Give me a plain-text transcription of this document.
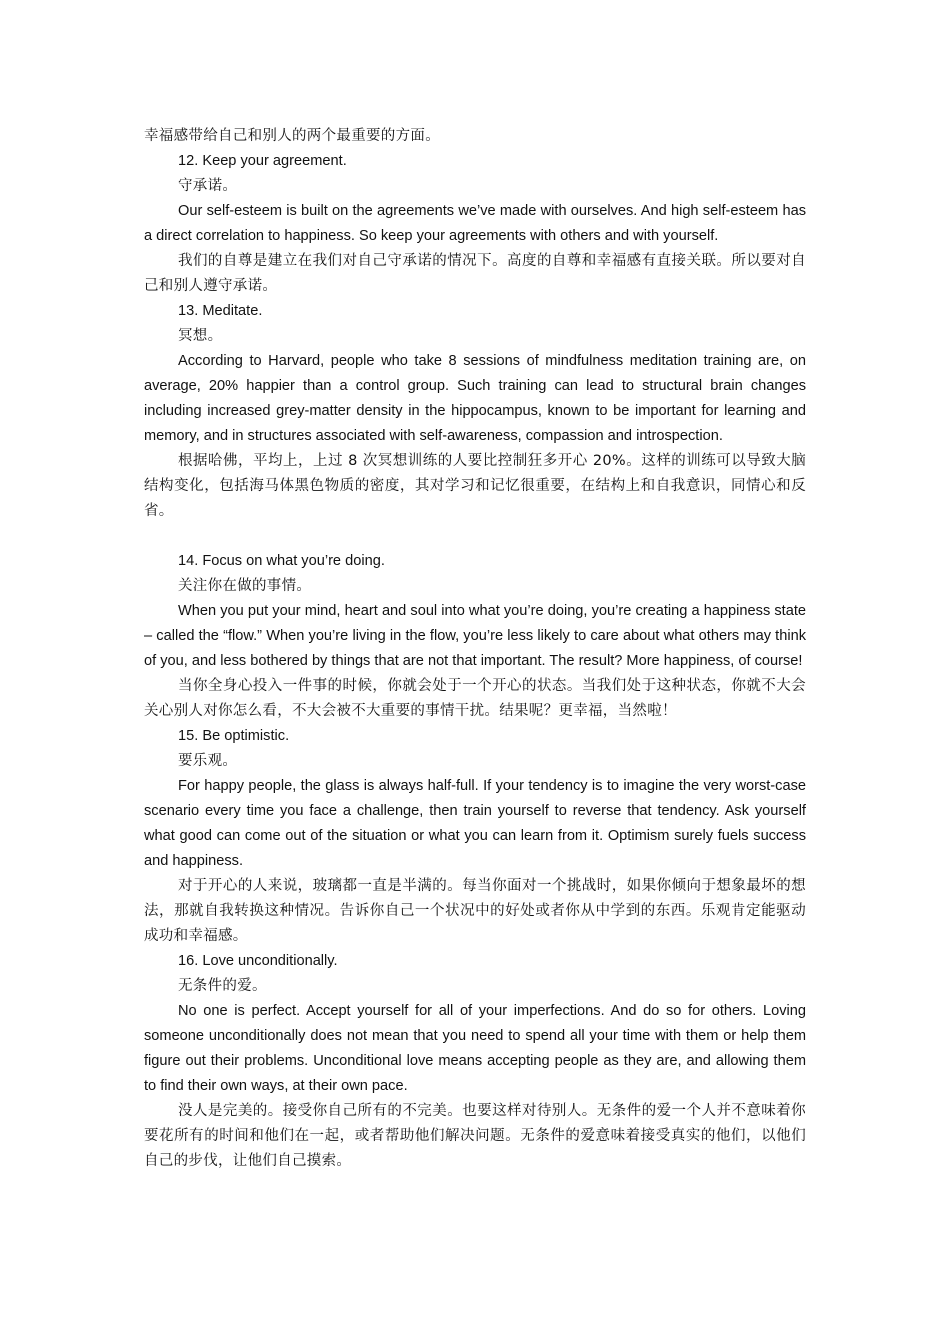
幸福感带给自己和别人的两个最重要的方面。

12. Keep your agreement.

守承诺。

Our self-esteem is built on the agreements we’ve made with ourselves. And high self-esteem has a direct correlation to happiness. So keep your agreements with others and with yourself.

我们的自尊是建立在我们对自己守承诺的情况下。高度的自尊和幸福感有直接关联。所以要对自己和别人遵守承诺。

13. Meditate.

冥想。

According to Harvard, people who take 8 sessions of mindfulness meditation training are, on average, 20% happier than a control group. Such training can lead to structural brain changes including increased grey-matter density in the hippocampus, known to be important for learning and memory, and in structures associated with self-awareness, compassion and introspection.

根据哈佛，平均上，上过 8 次冥想训练的人要比控制狂多开心 20%。这样的训练可以导致大脑结构变化，包括海马体黑色物质的密度，其对学习和记忆很重要，在结构上和自我意识，同情心和反省。

14. Focus on what you’re doing.

关注你在做的事情。

When you put your mind, heart and soul into what you’re doing, you’re creating a happiness state – called the “flow.” When you’re living in the flow, you’re less likely to care about what others may think of you, and less bothered by things that are not that important. The result? More happiness, of course!

当你全身心投入一件事的时候，你就会处于一个开心的状态。当我们处于这种状态，你就不大会关心别人对你怎么看，不大会被不大重要的事情干扰。结果呢？更幸福，当然啦！

15. Be optimistic.

要乐观。

For happy people, the glass is always half-full. If your tendency is to imagine the very worst-case scenario every time you face a challenge, then train yourself to reverse that tendency. Ask yourself what good can come out of the situation or what you can learn from it. Optimism surely fuels success and happiness.

对于开心的人来说，玻璃都一直是半满的。每当你面对一个挑战时，如果你倾向于想象最坏的想法，那就自我转换这种情况。告诉你自己一个状况中的好处或者你从中学到的东西。乐观肯定能驱动成功和幸福感。

16. Love unconditionally.

无条件的爱。

No one is perfect. Accept yourself for all of your imperfections. And do so for others. Loving someone unconditionally does not mean that you need to spend all your time with them or help them figure out their problems. Unconditional love means accepting people as they are, and allowing them to find their own ways, at their own pace.

没人是完美的。接受你自己所有的不完美。也要这样对待别人。无条件的爱一个人并不意味着你要花所有的时间和他们在一起，或者帮助他们解决问题。无条件的爱意味着接受真实的他们，以他们自己的步伐，让他们自己摸索。
